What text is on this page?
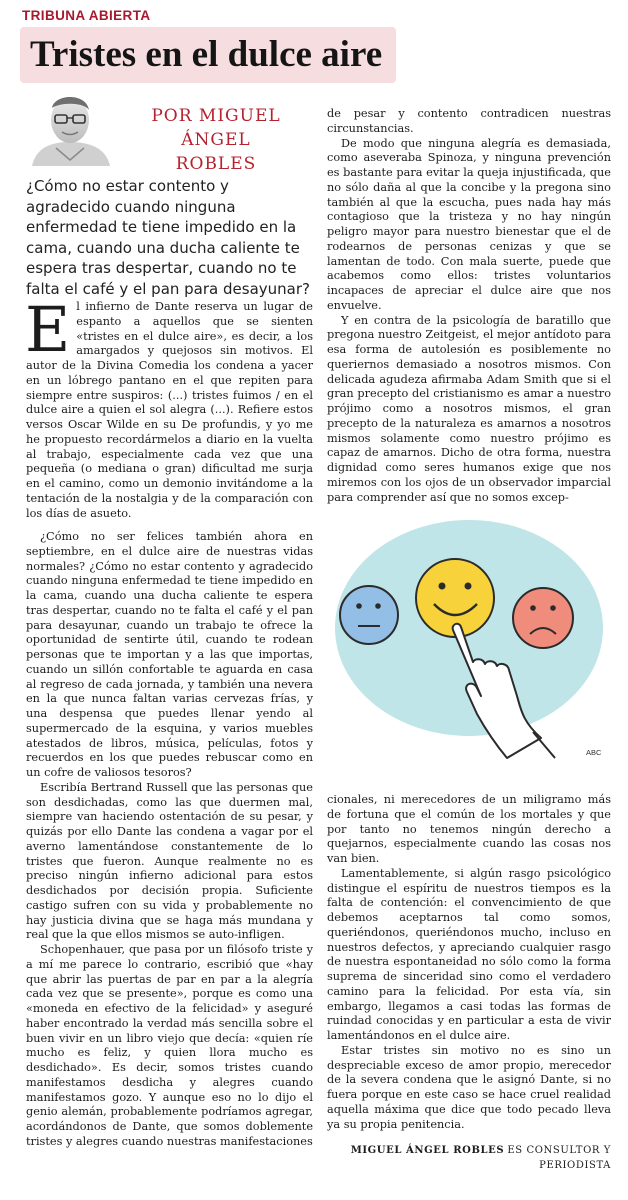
TRIBUNA ABIERTA
Tristes en el dulce aire
POR MIGUEL ÁNGEL
ROBLES
¿Cómo no estar contento y agradecido cuando ninguna enfermedad te tiene impedido en la cama, cuando una ducha caliente te espera tras despertar, cuando no te falta el café y el pan para desayunar?

El infierno de Dante reserva un lugar de espanto a aquellos que se sienten «tristes en el dulce aire», es decir, a los amargados y quejosos sin motivos. El autor de la Divina Comedia los condena a yacer en un lóbrego pantano en el que repiten para siempre entre suspiros: (...) tristes fuimos / en el dulce aire a quien el sol alegra (...). Refiere estos versos Oscar Wilde en su De profundis, y yo me he propuesto recordármelos a diario en la vuelta al trabajo, especialmente cada vez que una pequeña (o mediana o gran) dificultad me surja en el camino, como un demonio invitándome a la tentación de la nostalgia y de la comparación con los días de asueto.

¿Cómo no ser felices también ahora en septiembre, en el dulce aire de nuestras vidas normales? ¿Cómo no estar contento y agradecido cuando ninguna enfermedad te tiene impedido en la cama, cuando una ducha caliente te espera tras despertar, cuando no te falta el café y el pan para desayunar, cuando un trabajo te ofrece la oportunidad de sentirte útil, cuando te rodean personas que te importan y a las que importas, cuando un sillón confortable te aguarda en casa al regreso de cada jornada, y también una nevera en la que nunca faltan varias cervezas frías, y una despensa que puedes llenar yendo al supermercado de la esquina, y varios muebles atestados de libros, música, películas, fotos y recuerdos en los que puedes rebuscar como en un cofre de valiosos tesoros?

Escribía Bertrand Russell que las personas que son desdichadas, como las que duermen mal, siempre van haciendo ostentación de su pesar, y quizás por ello Dante las condena a vagar por el averno lamentándose constantemente de lo tristes que fueron. Aunque realmente no es preciso ningún infierno adicional para estos desdichados por decisión propia. Suficiente castigo sufren con su vida y probablemente no hay justicia divina que se haga más mundana y real que la que ellos mismos se auto-infligen.

Schopenhauer, que pasa por un filósofo triste y a mí me parece lo contrario, escribió que «hay que abrir las puertas de par en par a la alegría cada vez que se presente», porque es como una «moneda en efectivo de la felicidad» y aseguré haber encontrado la verdad más sencilla sobre el buen vivir en un libro viejo que decía: «quien ríe mucho es feliz, y quien llora mucho es desdichado». Es decir, somos tristes cuando manifestamos desdicha y alegres cuando manifestamos gozo. Y aunque eso no lo dijo el genio alemán, probablemente podríamos agregar, acordándonos de Dante, que somos doblemente tristes y alegres cuando nuestras manifestaciones

de pesar y contento contradicen nuestras circunstancias.

De modo que ninguna alegría es demasiada, como aseveraba Spinoza, y ninguna prevención es bastante para evitar la queja injustificada, que no sólo daña al que la concibe y la pregona sino también al que la escucha, pues nada hay más contagioso que la tristeza y no hay ningún peligro mayor para nuestro bienestar que el de rodearnos de personas cenizas y que se lamentan de todo. Con mala suerte, puede que acabemos como ellos: tristes voluntarios incapaces de apreciar el dulce aire que nos envuelve.

Y en contra de la psicología de baratillo que pregona nuestro Zeitgeist, el mejor antídoto para esa forma de autolesión es posiblemente no queriernos demasiado a nosotros mismos. Con delicada agudeza afirmaba Adam Smith que si el gran precepto del cristianismo es amar a nuestro prójimo como a nosotros mismos, el gran precepto de la naturaleza es amarnos a nosotros mismos solamente como nuestro prójimo es capaz de amarnos. Dicho de otra forma, nuestra dignidad como seres humanos exige que nos miremos con los ojos de un observador imparcial para comprender así que no somos excep-

ABC

cionales, ni merecedores de un miligramo más de fortuna que el común de los mortales y que por tanto no tenemos ningún derecho a quejarnos, especialmente cuando las cosas nos van bien.

Lamentablemente, si algún rasgo psicológico distingue el espíritu de nuestros tiempos es la falta de contención: el convencimiento de que debemos aceptarnos tal como somos, queriéndonos, queriéndonos mucho, incluso en nuestros defectos, y apreciando cualquier rasgo de nuestra espontaneidad no sólo como la forma suprema de sinceridad sino como el verdadero camino para la felicidad. Por esta vía, sin embargo, llegamos a casi todas las formas de ruindad conocidas y en particular a esta de vivir lamentándonos en el dulce aire.

Estar tristes sin motivo no es sino un despreciable exceso de amor propio, merecedor de la severa condena que le asignó Dante, si no fuera porque en este caso se hace cruel realidad aquella máxima que dice que todo pecado lleva ya su propia penitencia.

MIGUEL ÁNGEL ROBLES ES CONSULTOR Y
PERIODISTA
